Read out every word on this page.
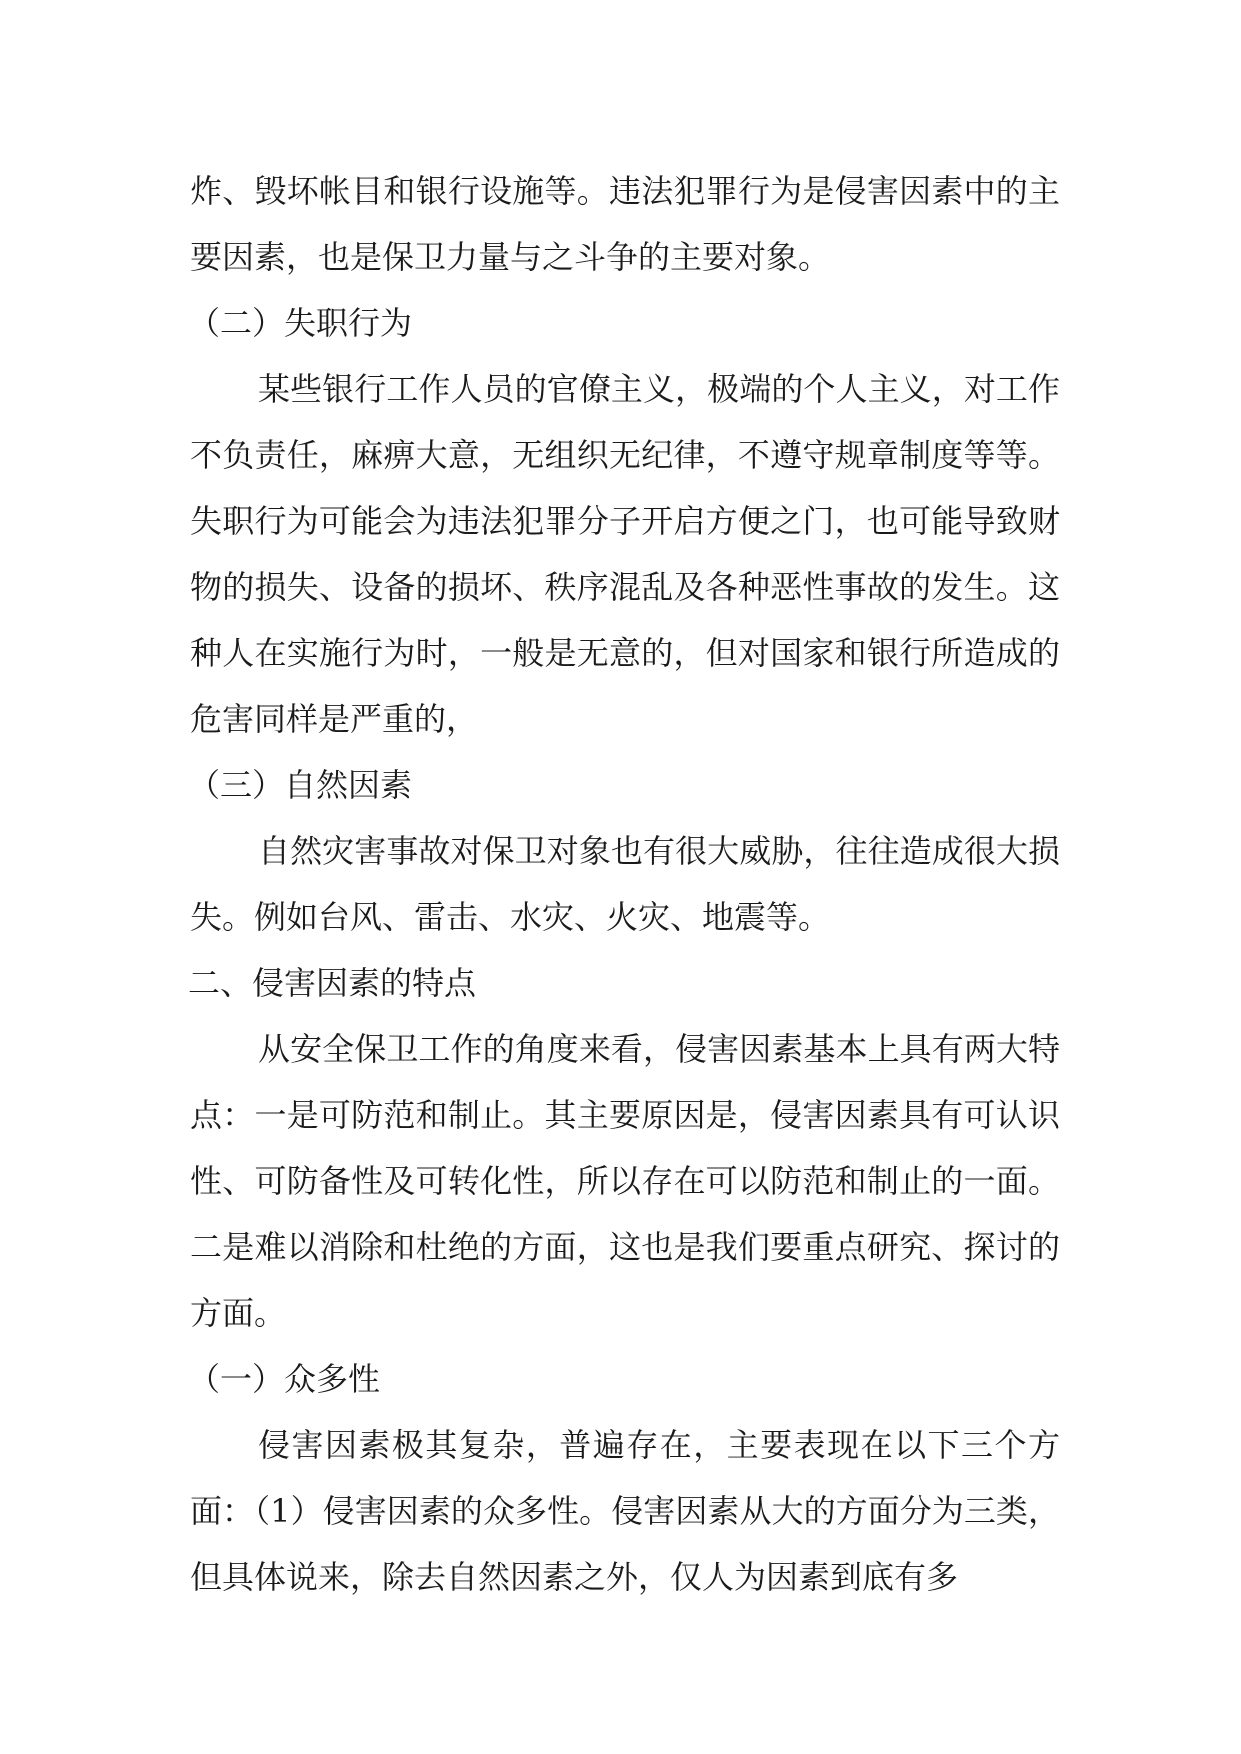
炸、毁坏帐目和银行设施等。违法犯罪行为是侵害因素中的主要因素，也是保卫力量与之斗争的主要对象。

（二）失职行为

某些银行工作人员的官僚主义，极端的个人主义，对工作不负责任，麻痹大意，无组织无纪律，不遵守规章制度等等。失职行为可能会为违法犯罪分子开启方便之门，也可能导致财物的损失、设备的损坏、秩序混乱及各种恶性事故的发生。这种人在实施行为时，一般是无意的，但对国家和银行所造成的危害同样是严重的，

（三）自然因素

自然灾害事故对保卫对象也有很大威胁，往往造成很大损失。例如台风、雷击、水灾、火灾、地震等。

二、侵害因素的特点

从安全保卫工作的角度来看，侵害因素基本上具有两大特点：一是可防范和制止。其主要原因是，侵害因素具有可认识性、可防备性及可转化性，所以存在可以防范和制止的一面。二是难以消除和杜绝的方面，这也是我们要重点研究、探讨的方面。

（一）众多性

侵害因素极其复杂，普遍存在，主要表现在以下三个方面：（1）侵害因素的众多性。侵害因素从大的方面分为三类，但具体说来，除去自然因素之外，仅人为因素到底有多
